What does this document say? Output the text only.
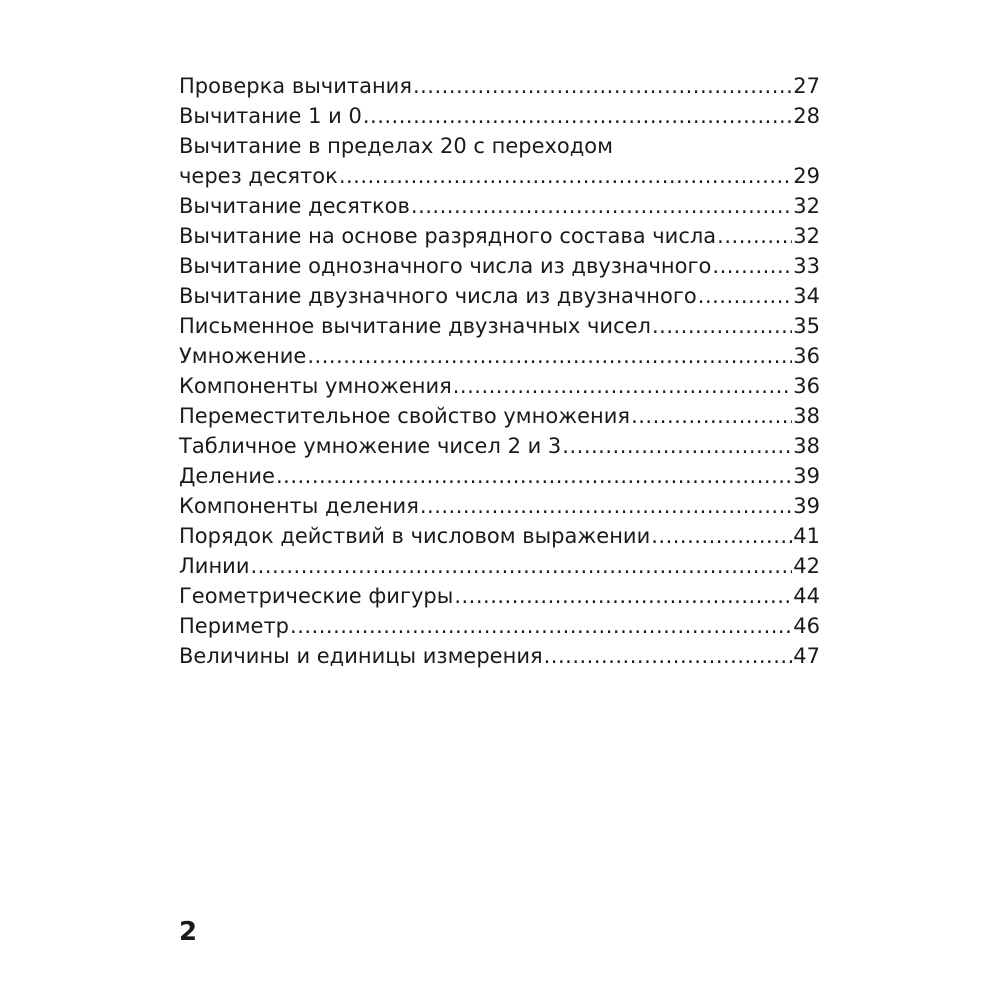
Проверка вычитания .....	27
Вычитание 1 и 0 .....	28
Вычитание в пределах 20 с переходом
через десяток .....	29
Вычитание десятков .....	32
Вычитание на основе разрядного состава числа .....	32
Вычитание однозначного числа из двузначного .....	33
Вычитание двузначного числа из двузначного .....	34
Письменное вычитание двузначных чисел .....	35
Умножение .....	36
Компоненты умножения .....	36
Переместительное свойство умножения .....	38
Табличное умножение чисел 2 и 3 .....	38
Деление .....	39
Компоненты деления .....	39
Порядок действий в числовом выражении .....	41
Линии .....	42
Геометрические фигуры .....	44
Периметр .....	46
Величины и единицы измерения .....	47
2
